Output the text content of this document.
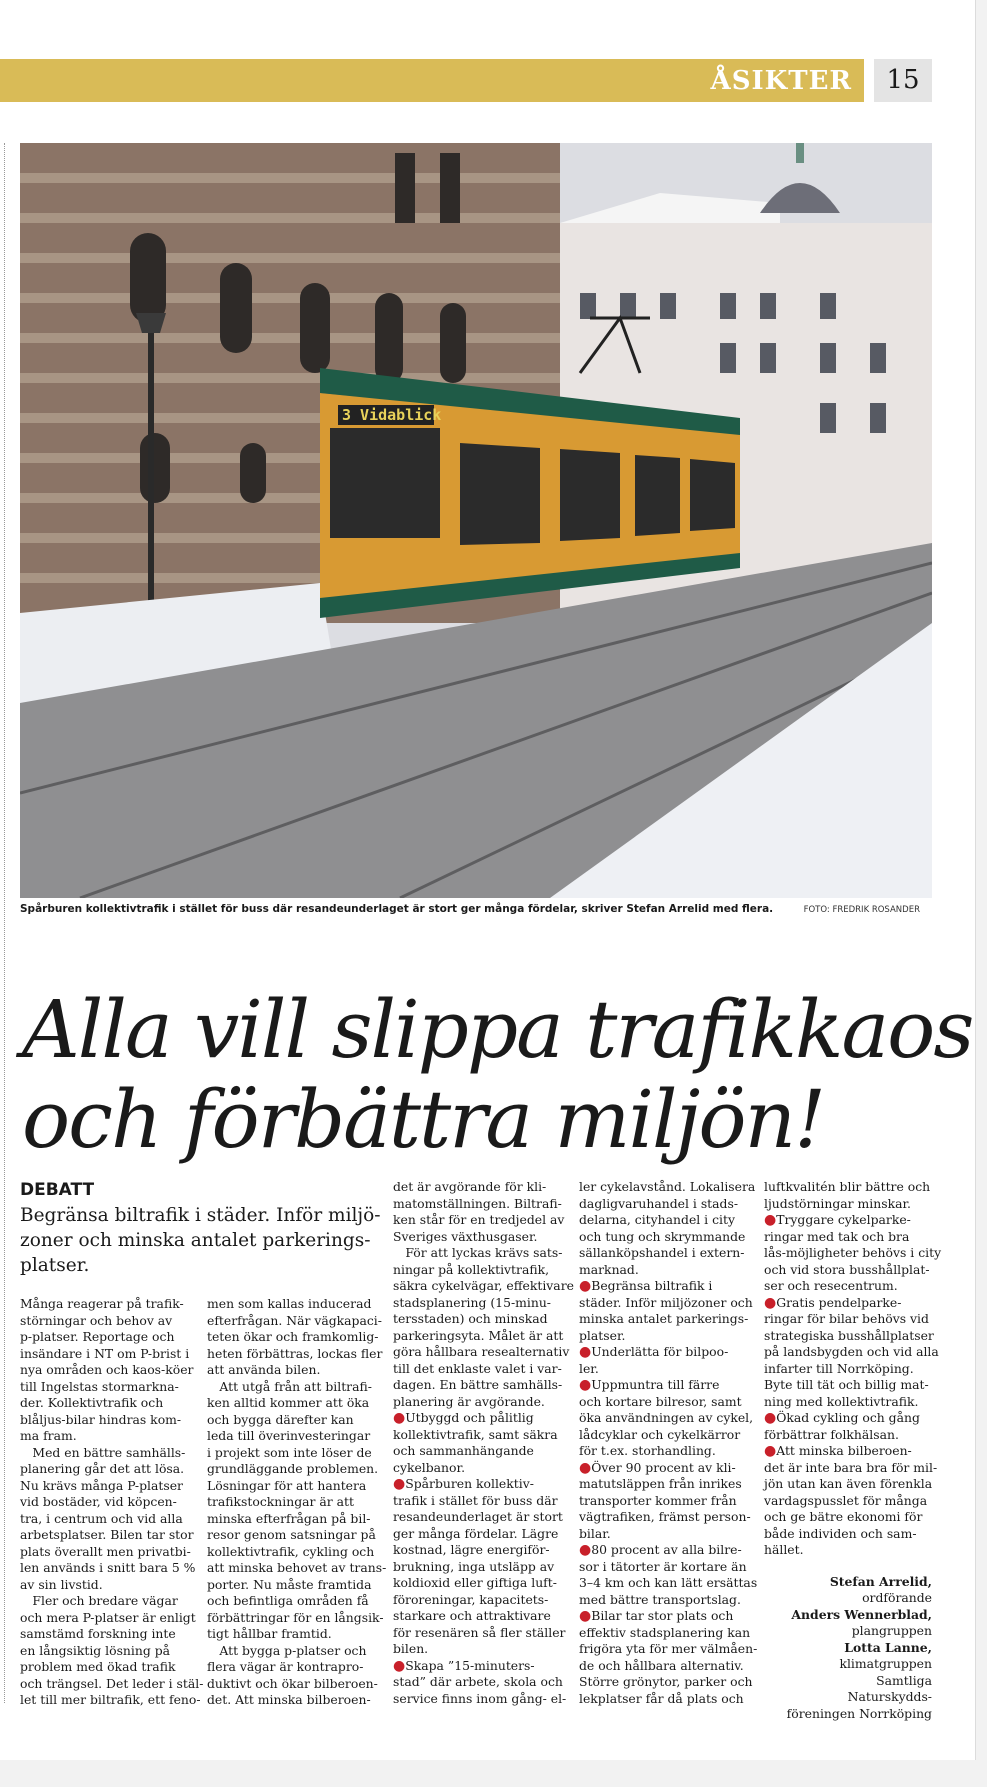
ÅSIKTER	15
3 Vidablick
Spårburen kollektivtrafik i stället för buss där resandeunderlaget är stort ger många fördelar, skriver Stefan Arrelid med flera.	FOTO: FREDRIK ROSANDER
Alla vill slippa trafikkaos
och förbättra miljön!
DEBATT
Begränsa biltrafik i städer. Inför miljö-
zoner och minska antalet parkerings-
platser.

Många reagerar på trafik-

störningar och behov av

p-platser. Reportage och

insändare i NT om P-brist i

nya områden och kaos-köer

till Ingelstas stormarkna-

der. Kollektivtrafik och

blåljus-bilar hindras kom-

ma fram.

 Med en bättre samhälls-

planering går det att lösa.

Nu krävs många P-platser

vid bostäder, vid köpcen-

tra, i centrum och vid alla

arbetsplatser. Bilen tar stor

plats överallt men privatbi-

len används i snitt bara 5 %

av sin livstid.

 Fler och bredare vägar

och mera P-platser är enligt

samstämd forskning inte

en långsiktig lösning på

problem med ökad trafik

och trängsel. Det leder i stäl-

let till mer biltrafik, ett feno-

men som kallas inducerad

efterfrågan. När vägkapaci-

teten ökar och framkomlig-

heten förbättras, lockas fler

att använda bilen.

 Att utgå från att biltrafi-

ken alltid kommer att öka

och bygga därefter kan

leda till överinvesteringar

i projekt som inte löser de

grundläggande problemen.

Lösningar för att hantera

trafikstockningar är att

minska efterfrågan på bil-

resor genom satsningar på

kollektivtrafik, cykling och

att minska behovet av trans-

porter. Nu måste framtida

och befintliga områden få

förbättringar för en långsik-

tigt hållbar framtid.

 Att bygga p-platser och

flera vägar är kontrapro-

duktivt och ökar bilberoen-

det. Att minska bilberoen-

det är avgörande för kli-

matomställningen. Biltrafi-

ken står för en tredjedel av

Sveriges växthusgaser.

 För att lyckas krävs sats-

ningar på kollektivtrafik,

säkra cykelvägar, effektivare

stadsplanering (15-minu-

tersstaden) och minskad

parkeringsyta. Målet är att

göra hållbara resealternativ

till det enklaste valet i var-

dagen. En bättre samhälls-

planering är avgörande.

●Utbyggd och pålitlig

kollektivtrafik, samt säkra

och sammanhängande

cykelbanor.

●Spårburen kollektiv-

trafik i stället för buss där

resandeunderlaget är stort

ger många fördelar. Lägre

kostnad, lägre energiför-

brukning, inga utsläpp av

koldioxid eller giftiga luft-

föroreningar, kapacitets-

starkare och attraktivare

för resenären så fler ställer

bilen.

●Skapa ”15-minuters-

stad” där arbete, skola och

service finns inom gång- el-

ler cykelavstånd. Lokalisera

dagligvaruhandel i stads-

delarna, cityhandel i city

och tung och skrymmande

sällanköpshandel i extern-

marknad.

●Begränsa biltrafik i

städer. Inför miljözoner och

minska antalet parkerings-

platser.

●Underlätta för bilpoo-

ler.

●Uppmuntra till färre

och kortare bilresor, samt

öka användningen av cykel,

lådcyklar och cykelkärror

för t.ex. storhandling.

●Över 90 procent av kli-

matutsläppen från inrikes

transporter kommer från

vägtrafiken, främst person-

bilar.

●80 procent av alla bilre-

sor i tätorter är kortare än

3–4 km och kan lätt ersättas

med bättre transportslag.

●Bilar tar stor plats och

effektiv stadsplanering kan

frigöra yta för mer välmåen-

de och hållbara alternativ.

Större grönytor, parker och

lekplatser får då plats och

luftkvalitén blir bättre och

ljudstörningar minskar.

●Tryggare cykelparke-

ringar med tak och bra

lås-möjligheter behövs i city

och vid stora busshållplat-

ser och resecentrum.

●Gratis pendelparke-

ringar för bilar behövs vid

strategiska busshållplatser

på landsbygden och vid alla

infarter till Norrköping.

Byte till tät och billig mat-

ning med kollektivtrafik.

●Ökad cykling och gång

förbättrar folkhälsan.

●Att minska bilberoen-

det är inte bara bra för mil-

jön utan kan även förenkla

vardagspusslet för många

och ge bätre ekonomi för

både individen och sam-

hället.

Stefan Arrelid,

ordförande

Anders Wennerblad,

plangruppen

Lotta Lanne,

klimatgruppen

Samtliga

Naturskydds-

föreningen Norrköping
